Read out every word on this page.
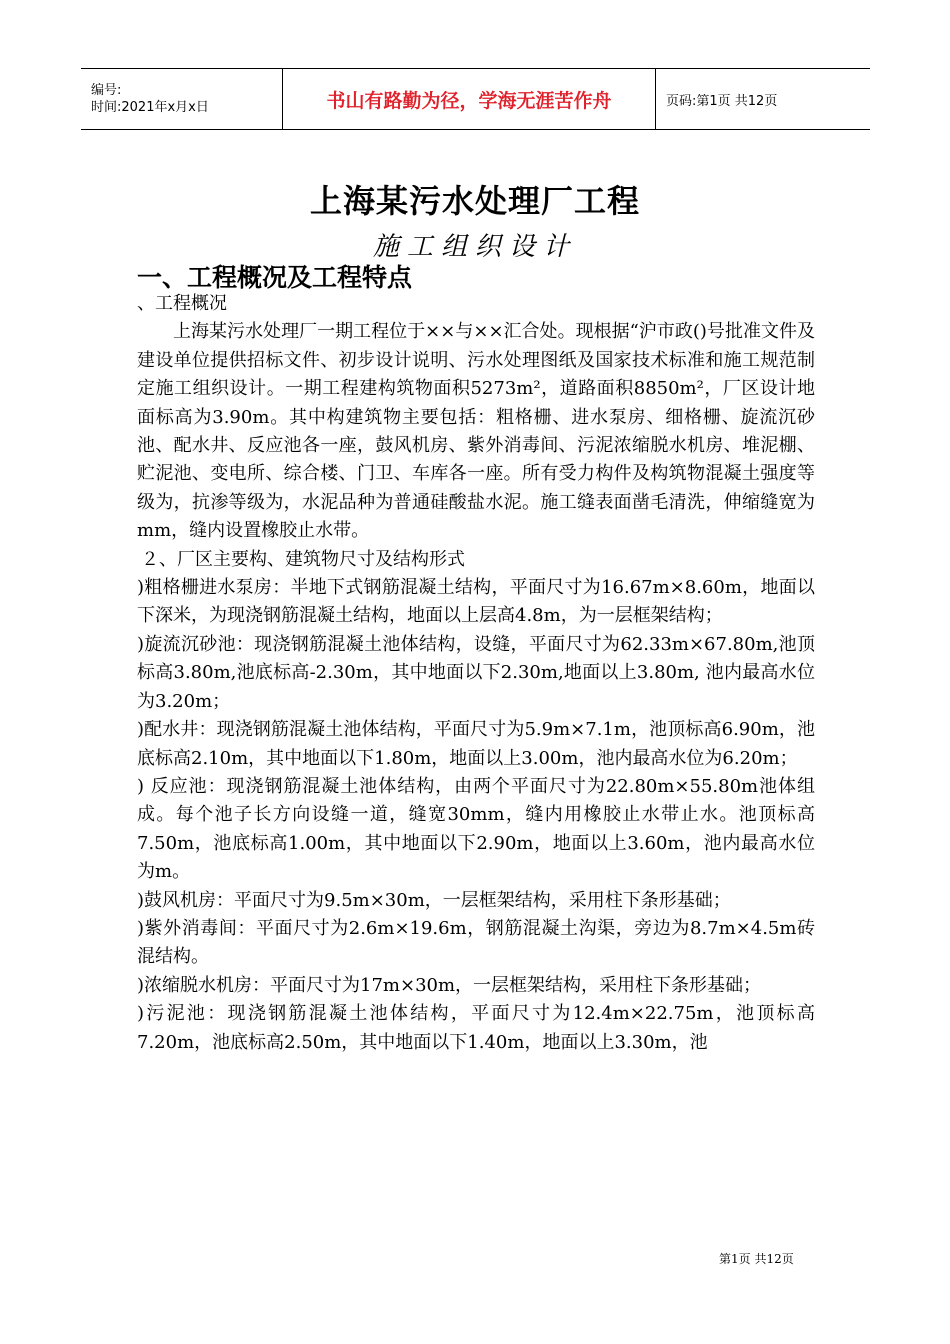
编号:
时间:2021年x月x日	书山有路勤为径，学海无涯苦作舟	页码:第1页 共12页
上海某污水处理厂工程
施工组织设计
一、工程概况及工程特点

、工程概况

上海某污水处理厂一期工程位于××与××汇合处。现根据“沪市政()号批准文件及建设单位提供招标文件、初步设计说明、污水处理图纸及国家技术标准和施工规范制定施工组织设计。一期工程建构筑物面积5273m²，道路面积8850m²，厂区设计地面标高为3.90m。其中构建筑物主要包括：粗格栅、进水泵房、细格栅、旋流沉砂池、配水井、反应池各一座，鼓风机房、紫外消毒间、污泥浓缩脱水机房、堆泥棚、贮泥池、变电所、综合楼、门卫、车库各一座。所有受力构件及构筑物混凝土强度等级为，抗渗等级为，水泥品种为普通硅酸盐水泥。施工缝表面凿毛清洗，伸缩缝宽为mm，缝内设置橡胶止水带。

２、厂区主要构、建筑物尺寸及结构形式

)粗格栅进水泵房：半地下式钢筋混凝土结构，平面尺寸为16.67m×8.60m，地面以下深米，为现浇钢筋混凝土结构，地面以上层高4.8m，为一层框架结构；

)旋流沉砂池：现浇钢筋混凝土池体结构，设缝，平面尺寸为62.33m×67.80m,池顶标高3.80m,池底标高-2.30m，其中地面以下2.30m,地面以上3.80m, 池内最高水位为3.20m；

)配水井：现浇钢筋混凝土池体结构，平面尺寸为5.9m×7.1m，池顶标高6.90m，池底标高2.10m，其中地面以下1.80m，地面以上3.00m，池内最高水位为6.20m；

) 反应池：现浇钢筋混凝土池体结构，由两个平面尺寸为22.80m×55.80m池体组成。每个池子长方向设缝一道，缝宽30mm，缝内用橡胶止水带止水。池顶标高7.50m，池底标高1.00m，其中地面以下2.90m，地面以上3.60m，池内最高水位为m。

)鼓风机房：平面尺寸为9.5m×30m，一层框架结构，采用柱下条形基础；

)紫外消毒间：平面尺寸为2.6m×19.6m，钢筋混凝土沟渠，旁边为8.7m×4.5m砖混结构。

)浓缩脱水机房：平面尺寸为17m×30m，一层框架结构，采用柱下条形基础；

)污泥池：现浇钢筋混凝土池体结构，平面尺寸为12.4m×22.75m，池顶标高7.20m，池底标高2.50m，其中地面以下1.40m，地面以上3.30m，池

第1页 共12页
